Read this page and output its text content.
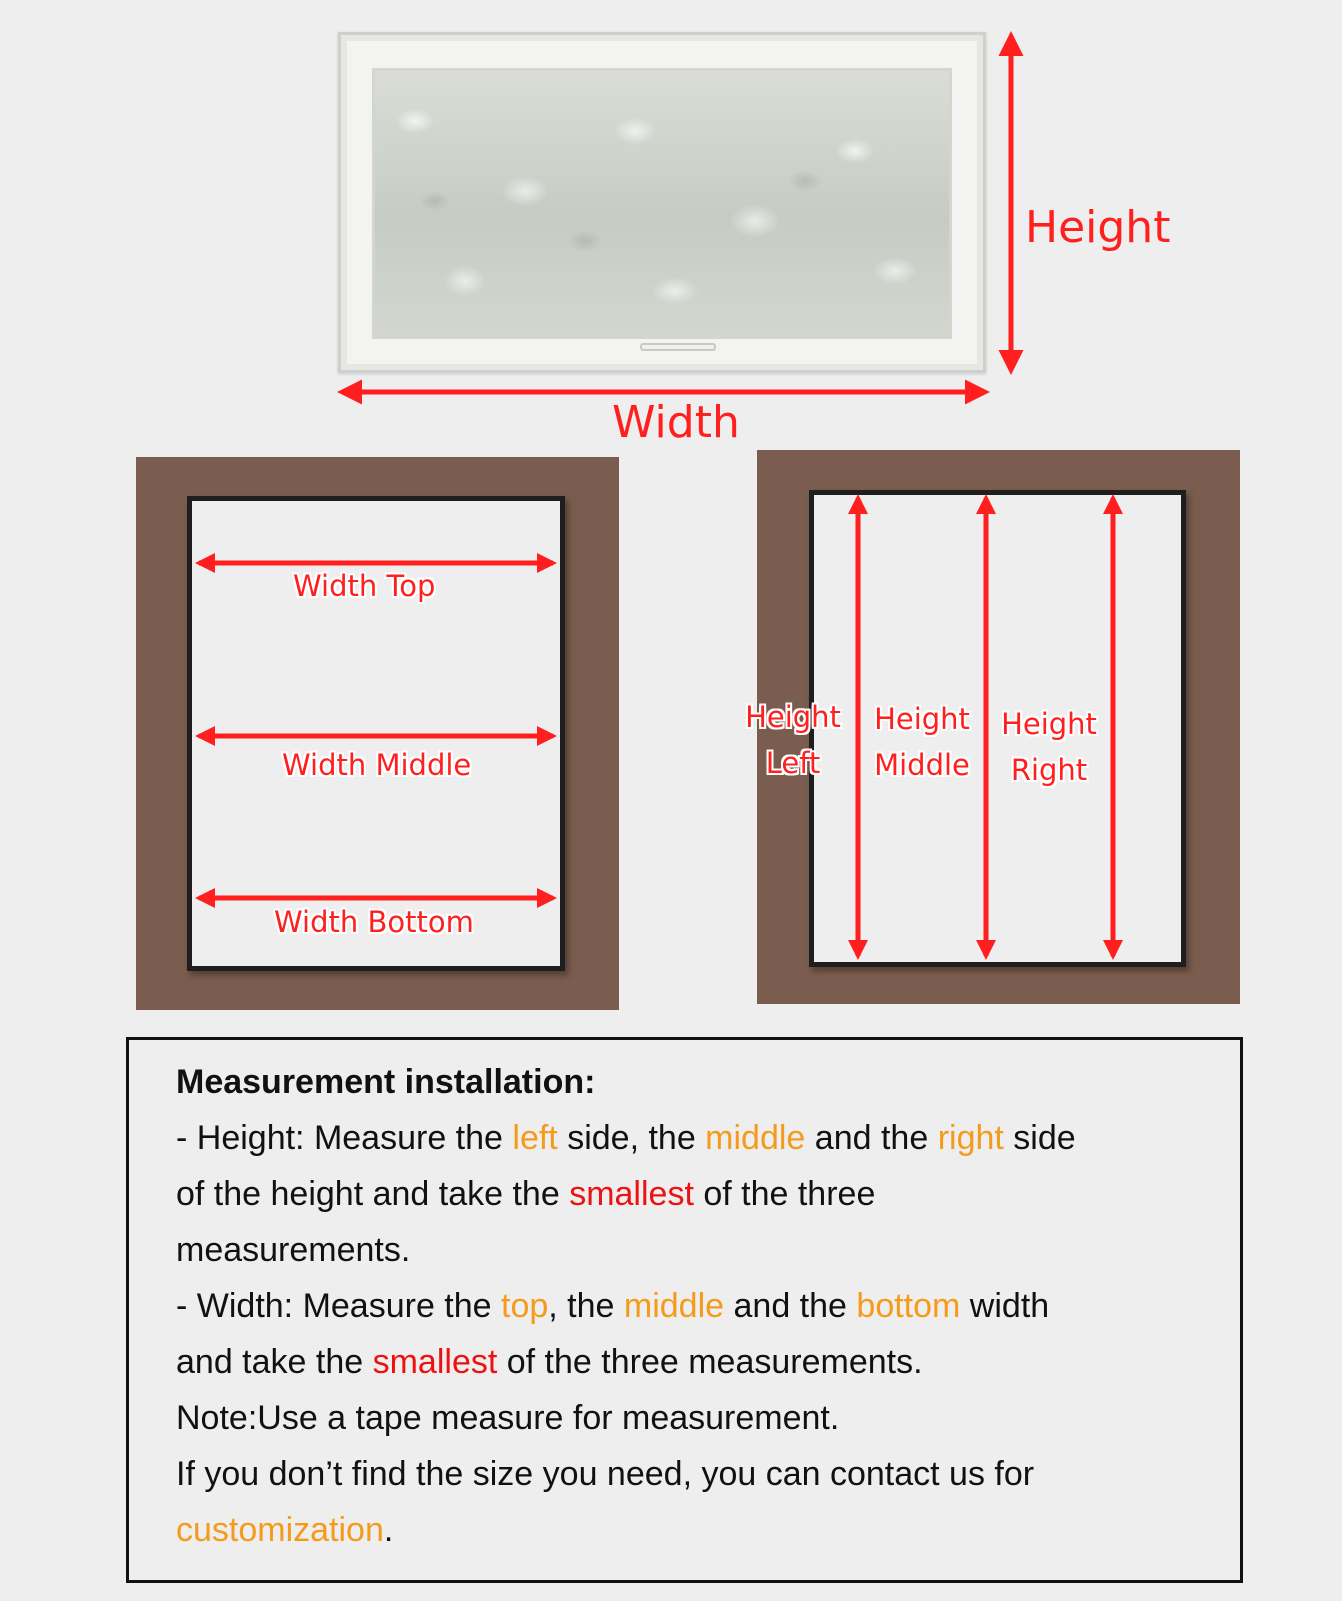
Height
Width
Width Top
Width Middle
Width Bottom
Height
Left
Height
Middle
Height
Right
Measurement installation:
- Height: Measure the left side, the middle and the right side
of the height and take the smallest of the three
measurements.
- Width: Measure the top, the middle and the bottom width
and take the smallest of the three measurements.
Note:Use a tape measure for measurement.
If you don’t find the size you need, you can contact us for
customization.
